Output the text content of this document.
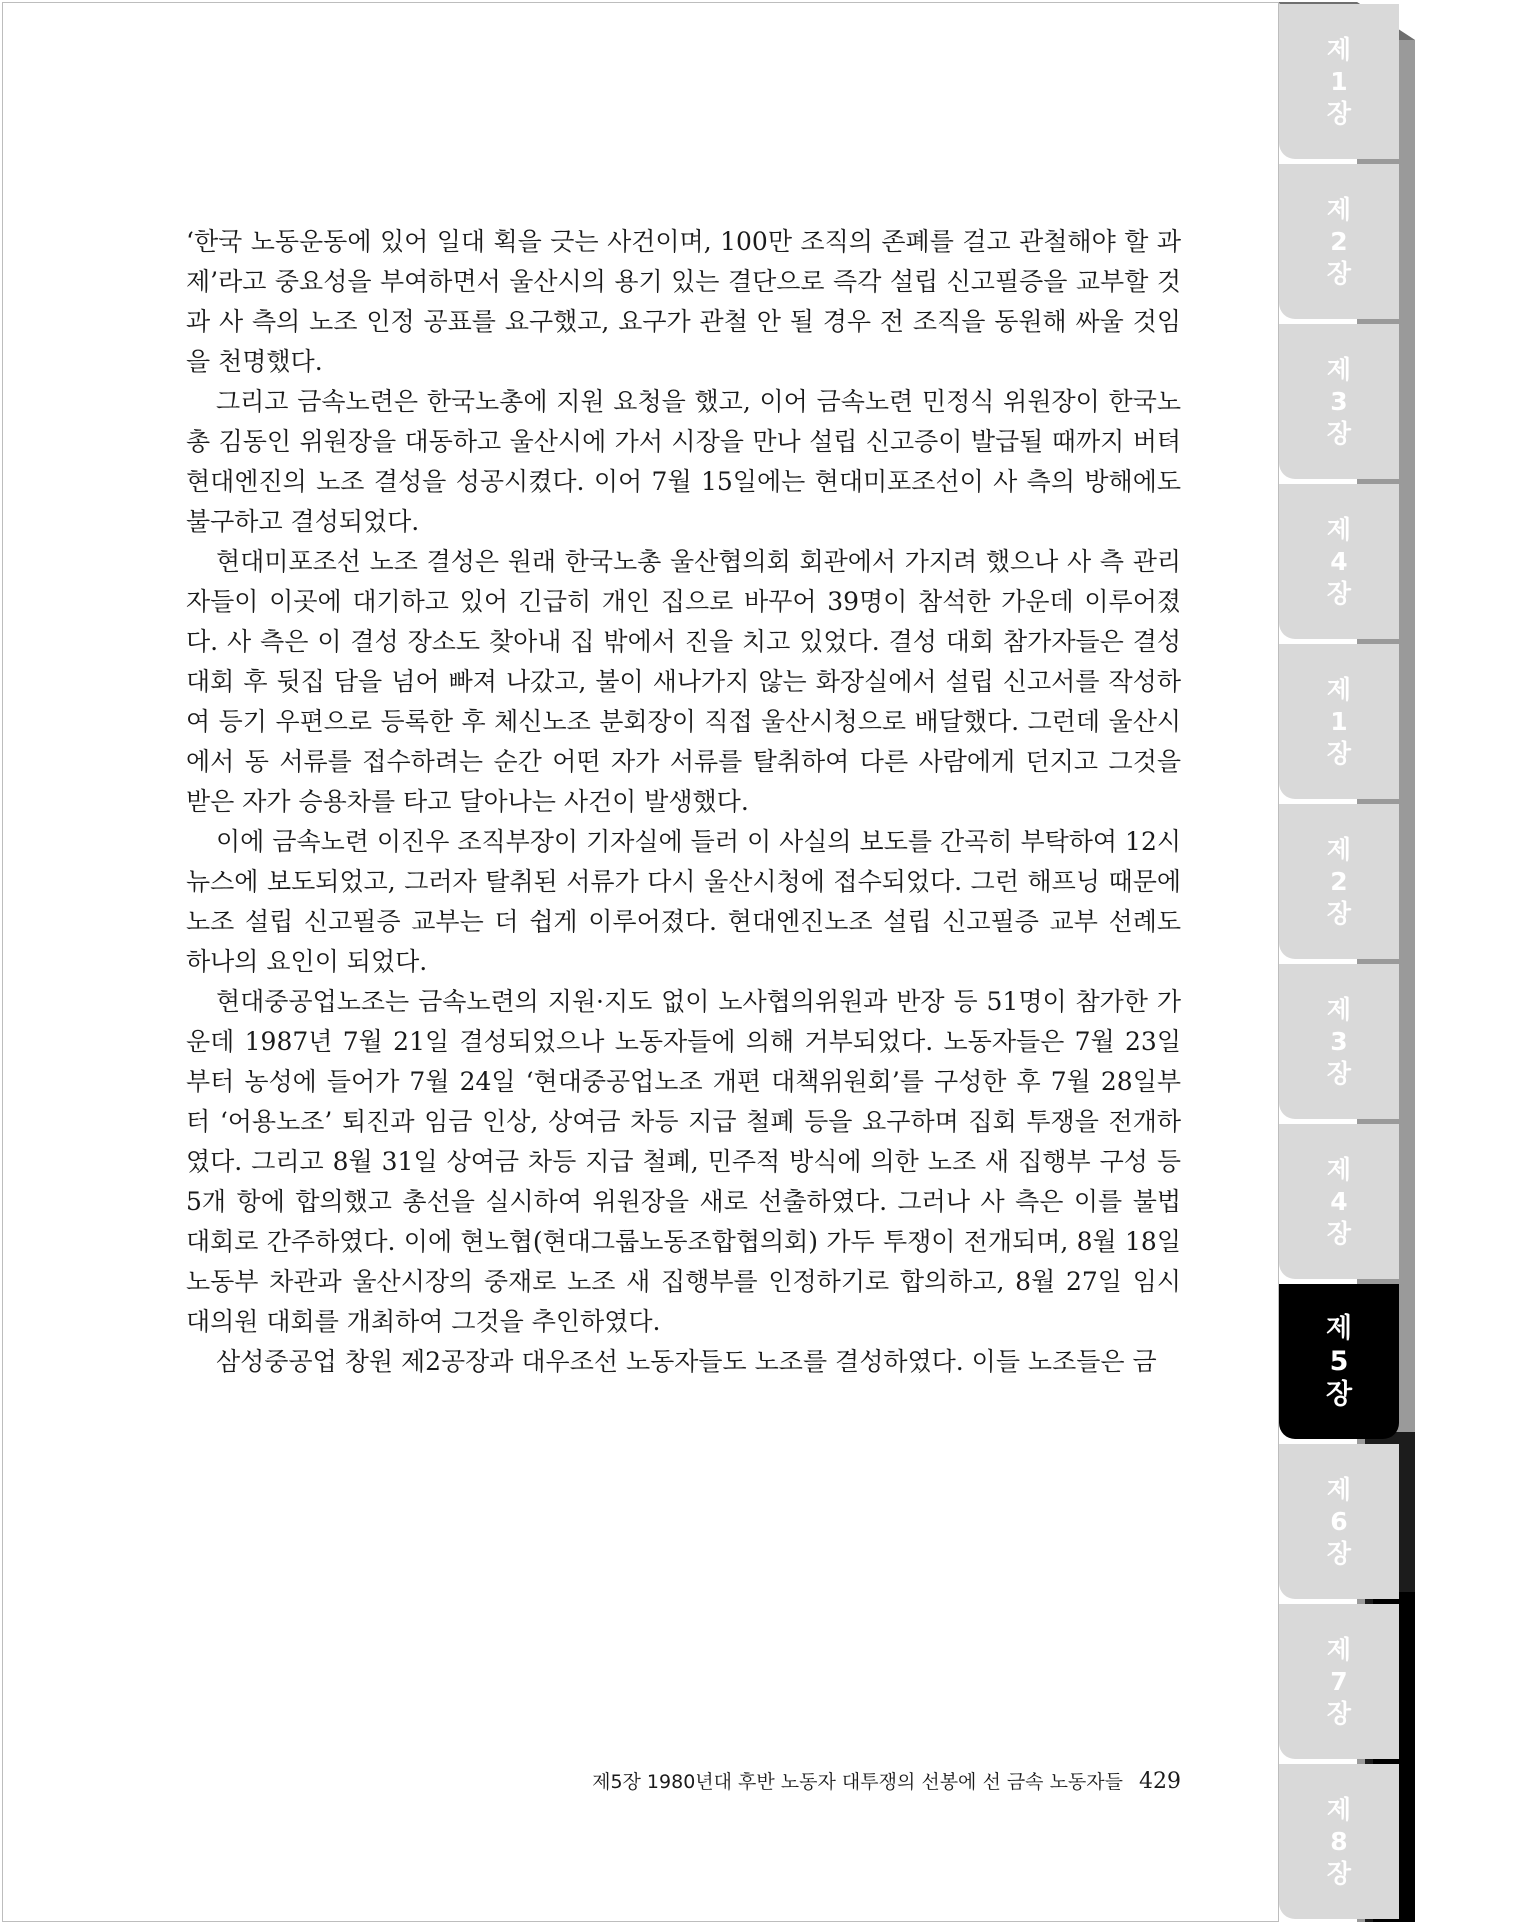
제1장
제2장
제3장
제4장
제1장
제2장
제3장
제4장
제5장
제6장
제7장
제8장

‘한국 노동운동에 있어 일대 획을 긋는 사건이며, 100만 조직의 존폐를 걸고 관철해야 할 과제’라고 중요성을 부여하면서 울산시의 용기 있는 결단으로 즉각 설립 신고필증을 교부할 것과 사 측의 노조 인정 공표를 요구했고, 요구가 관철 안 될 경우 전 조직을 동원해 싸울 것임을 천명했다.

그리고 금속노련은 한국노총에 지원 요청을 했고, 이어 금속노련 민정식 위원장이 한국노총 김동인 위원장을 대동하고 울산시에 가서 시장을 만나 설립 신고증이 발급될 때까지 버텨 현대엔진의 노조 결성을 성공시켰다. 이어 7월 15일에는 현대미포조선이 사 측의 방해에도 불구하고 결성되었다.

현대미포조선 노조 결성은 원래 한국노총 울산협의회 회관에서 가지려 했으나 사 측 관리자들이 이곳에 대기하고 있어 긴급히 개인 집으로 바꾸어 39명이 참석한 가운데 이루어졌다. 사 측은 이 결성 장소도 찾아내 집 밖에서 진을 치고 있었다. 결성 대회 참가자들은 결성 대회 후 뒷집 담을 넘어 빠져 나갔고, 불이 새나가지 않는 화장실에서 설립 신고서를 작성하여 등기 우편으로 등록한 후 체신노조 분회장이 직접 울산시청으로 배달했다. 그런데 울산시에서 동 서류를 접수하려는 순간 어떤 자가 서류를 탈취하여 다른 사람에게 던지고 그것을 받은 자가 승용차를 타고 달아나는 사건이 발생했다.

이에 금속노련 이진우 조직부장이 기자실에 들러 이 사실의 보도를 간곡히 부탁하여 12시 뉴스에 보도되었고, 그러자 탈취된 서류가 다시 울산시청에 접수되었다. 그런 해프닝 때문에 노조 설립 신고필증 교부는 더 쉽게 이루어졌다. 현대엔진노조 설립 신고필증 교부 선례도 하나의 요인이 되었다.

현대중공업노조는 금속노련의 지원·지도 없이 노사협의위원과 반장 등 51명이 참가한 가운데 1987년 7월 21일 결성되었으나 노동자들에 의해 거부되었다. 노동자들은 7월 23일부터 농성에 들어가 7월 24일 ‘현대중공업노조 개편 대책위원회’를 구성한 후 7월 28일부터 ‘어용노조’ 퇴진과 임금 인상, 상여금 차등 지급 철폐 등을 요구하며 집회 투쟁을 전개하였다. 그리고 8월 31일 상여금 차등 지급 철폐, 민주적 방식에 의한 노조 새 집행부 구성 등 5개 항에 합의했고 총선을 실시하여 위원장을 새로 선출하였다. 그러나 사 측은 이를 불법 대회로 간주하였다. 이에 현노협(현대그룹노동조합협의회) 가두 투쟁이 전개되며, 8월 18일 노동부 차관과 울산시장의 중재로 노조 새 집행부를 인정하기로 합의하고, 8월 27일 임시 대의원 대회를 개최하여 그것을 추인하였다.

삼성중공업 창원 제2공장과 대우조선 노동자들도 노조를 결성하였다. 이들 노조들은 금

제5장 1980년대 후반 노동자 대투쟁의 선봉에 선 금속 노동자들 429
